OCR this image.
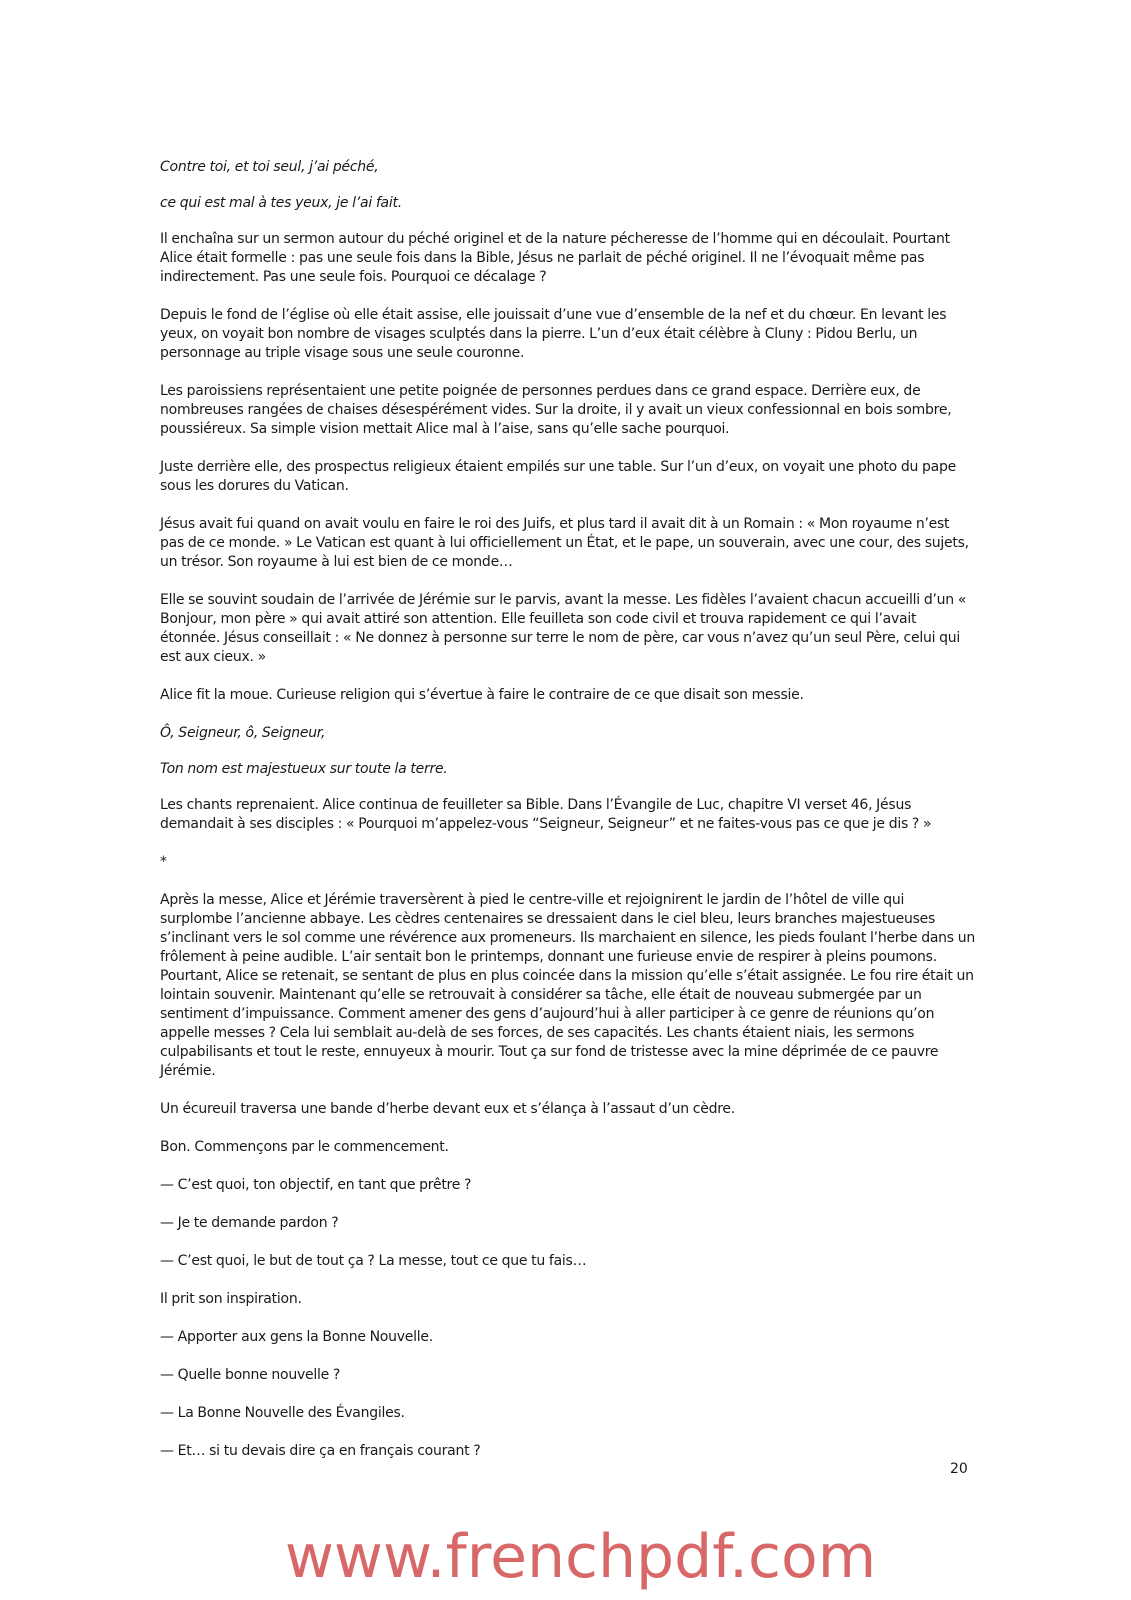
Contre toi, et toi seul, j’ai péché,

ce qui est mal à tes yeux, je l’ai fait.

Il enchaîna sur un sermon autour du péché originel et de la nature pécheresse de l’homme qui en découlait. Pourtant Alice était formelle : pas une seule fois dans la Bible, Jésus ne parlait de péché originel. Il ne l’évoquait même pas indirectement. Pas une seule fois. Pourquoi ce décalage ?

Depuis le fond de l’église où elle était assise, elle jouissait d’une vue d’ensemble de la nef et du chœur. En levant les yeux, on voyait bon nombre de visages sculptés dans la pierre. L’un d’eux était célèbre à Cluny : Pidou Berlu, un personnage au triple visage sous une seule couronne.

Les paroissiens représentaient une petite poignée de personnes perdues dans ce grand espace. Derrière eux, de nombreuses rangées de chaises désespérément vides. Sur la droite, il y avait un vieux confessionnal en bois sombre, poussiéreux. Sa simple vision mettait Alice mal à l’aise, sans qu’elle sache pourquoi.

Juste derrière elle, des prospectus religieux étaient empilés sur une table. Sur l’un d’eux, on voyait une photo du pape sous les dorures du Vatican.

Jésus avait fui quand on avait voulu en faire le roi des Juifs, et plus tard il avait dit à un Romain : « Mon royaume n’est pas de ce monde. » Le Vatican est quant à lui officiellement un État, et le pape, un souverain, avec une cour, des sujets, un trésor. Son royaume à lui est bien de ce monde…

Elle se souvint soudain de l’arrivée de Jérémie sur le parvis, avant la messe. Les fidèles l’avaient chacun accueilli d’un « Bonjour, mon père » qui avait attiré son attention. Elle feuilleta son code civil et trouva rapidement ce qui l’avait étonnée. Jésus conseillait : « Ne donnez à personne sur terre le nom de père, car vous n’avez qu’un seul Père, celui qui est aux cieux. »

Alice fit la moue. Curieuse religion qui s’évertue à faire le contraire de ce que disait son messie.

Ô, Seigneur, ô, Seigneur,

Ton nom est majestueux sur toute la terre.

Les chants reprenaient. Alice continua de feuilleter sa Bible. Dans l’Évangile de Luc, chapitre VI verset 46, Jésus demandait à ses disciples : « Pourquoi m’appelez-vous “Seigneur, Seigneur” et ne faites-vous pas ce que je dis ? »

*

Après la messe, Alice et Jérémie traversèrent à pied le centre-ville et rejoignirent le jardin de l’hôtel de ville qui surplombe l’ancienne abbaye. Les cèdres centenaires se dressaient dans le ciel bleu, leurs branches majestueuses s’inclinant vers le sol comme une révérence aux promeneurs. Ils marchaient en silence, les pieds foulant l’herbe dans un frôlement à peine audible. L’air sentait bon le printemps, donnant une furieuse envie de respirer à pleins poumons. Pourtant, Alice se retenait, se sentant de plus en plus coincée dans la mission qu’elle s’était assignée. Le fou rire était un lointain souvenir. Maintenant qu’elle se retrouvait à considérer sa tâche, elle était de nouveau submergée par un sentiment d’impuissance. Comment amener des gens d’aujourd’hui à aller participer à ce genre de réunions qu’on appelle messes ? Cela lui semblait au-delà de ses forces, de ses capacités. Les chants étaient niais, les sermons culpabilisants et tout le reste, ennuyeux à mourir. Tout ça sur fond de tristesse avec la mine déprimée de ce pauvre Jérémie.

Un écureuil traversa une bande d’herbe devant eux et s’élança à l’assaut d’un cèdre.

Bon. Commençons par le commencement.

— C’est quoi, ton objectif, en tant que prêtre ?

— Je te demande pardon ?

— C’est quoi, le but de tout ça ? La messe, tout ce que tu fais…

Il prit son inspiration.

— Apporter aux gens la Bonne Nouvelle.

— Quelle bonne nouvelle ?

— La Bonne Nouvelle des Évangiles.

— Et… si tu devais dire ça en français courant ?

20
www.frenchpdf.com
